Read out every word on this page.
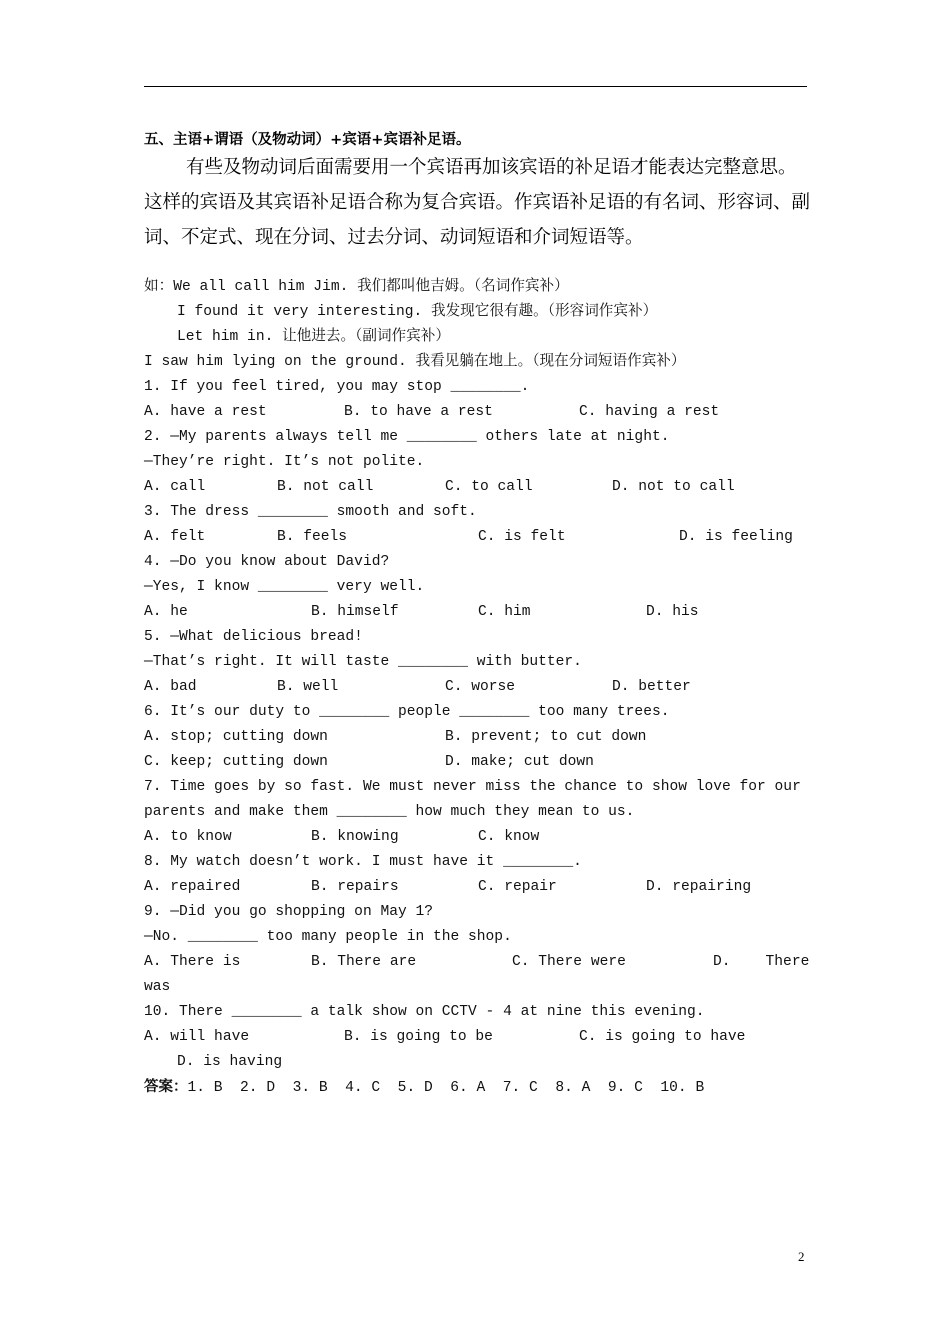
五、主语+谓语（及物动词）+宾语+宾语补足语。

有些及物动词后面需要用一个宾语再加该宾语的补足语才能表达完整意思。这样的宾语及其宾语补足语合称为复合宾语。作宾语补足语的有名词、形容词、副词、不定式、现在分词、过去分词、动词短语和介词短语等。

如：We all call him Jim. 我们都叫他吉姆。（名词作宾补）
I found it very interesting. 我发现它很有趣。（形容词作宾补）
Let him in. 让他进去。（副词作宾补）
I saw him lying on the ground. 我看见躺在地上。（现在分词短语作宾补）
1. If you feel tired, you may stop ________.

A. have a rest

	B. to have a rest

	C. having a rest

2. —My parents always tell me ________ others late at night.
—They’re right. It’s not polite.

A. call

	B. not call

	C. to call

	D. not to call

3. The dress ________ smooth and soft.

A. felt

	B. feels

	C. is felt

	D. is feeling

4. —Do you know about David?
—Yes, I know ________ very well.

A. he

	B. himself

	C. him

	D. his

5. —What delicious bread!
—That’s right. It will taste ________ with butter.

A. bad

	B. well

	C. worse

	D. better

6. It’s our duty to ________ people ________ too many trees.

A. stop; cutting down

	B. prevent; to cut down

C. keep; cutting down

	D. make; cut down

7. Time goes by so fast. We must never miss the chance to show love for our
parents and make them ________ how much they mean to us.

A. to know

	B. knowing

	C. know

8. My watch doesn’t work. I must have it ________.

A. repaired

	B. repairs

	C. repair

	D. repairing

9. —Did you go shopping on May 1?
—No. ________ too many people in the shop.

A. There is

	B. There are

	C. There were

	D.    There

was
10. There ________ a talk show on CCTV - 4 at nine this evening.

A. will have

	B. is going to be

	C. is going to have

D. is having
答案：1. B  2. D  3. B  4. C  5. D  6. A  7. C  8. A  9. C  10. B
2
